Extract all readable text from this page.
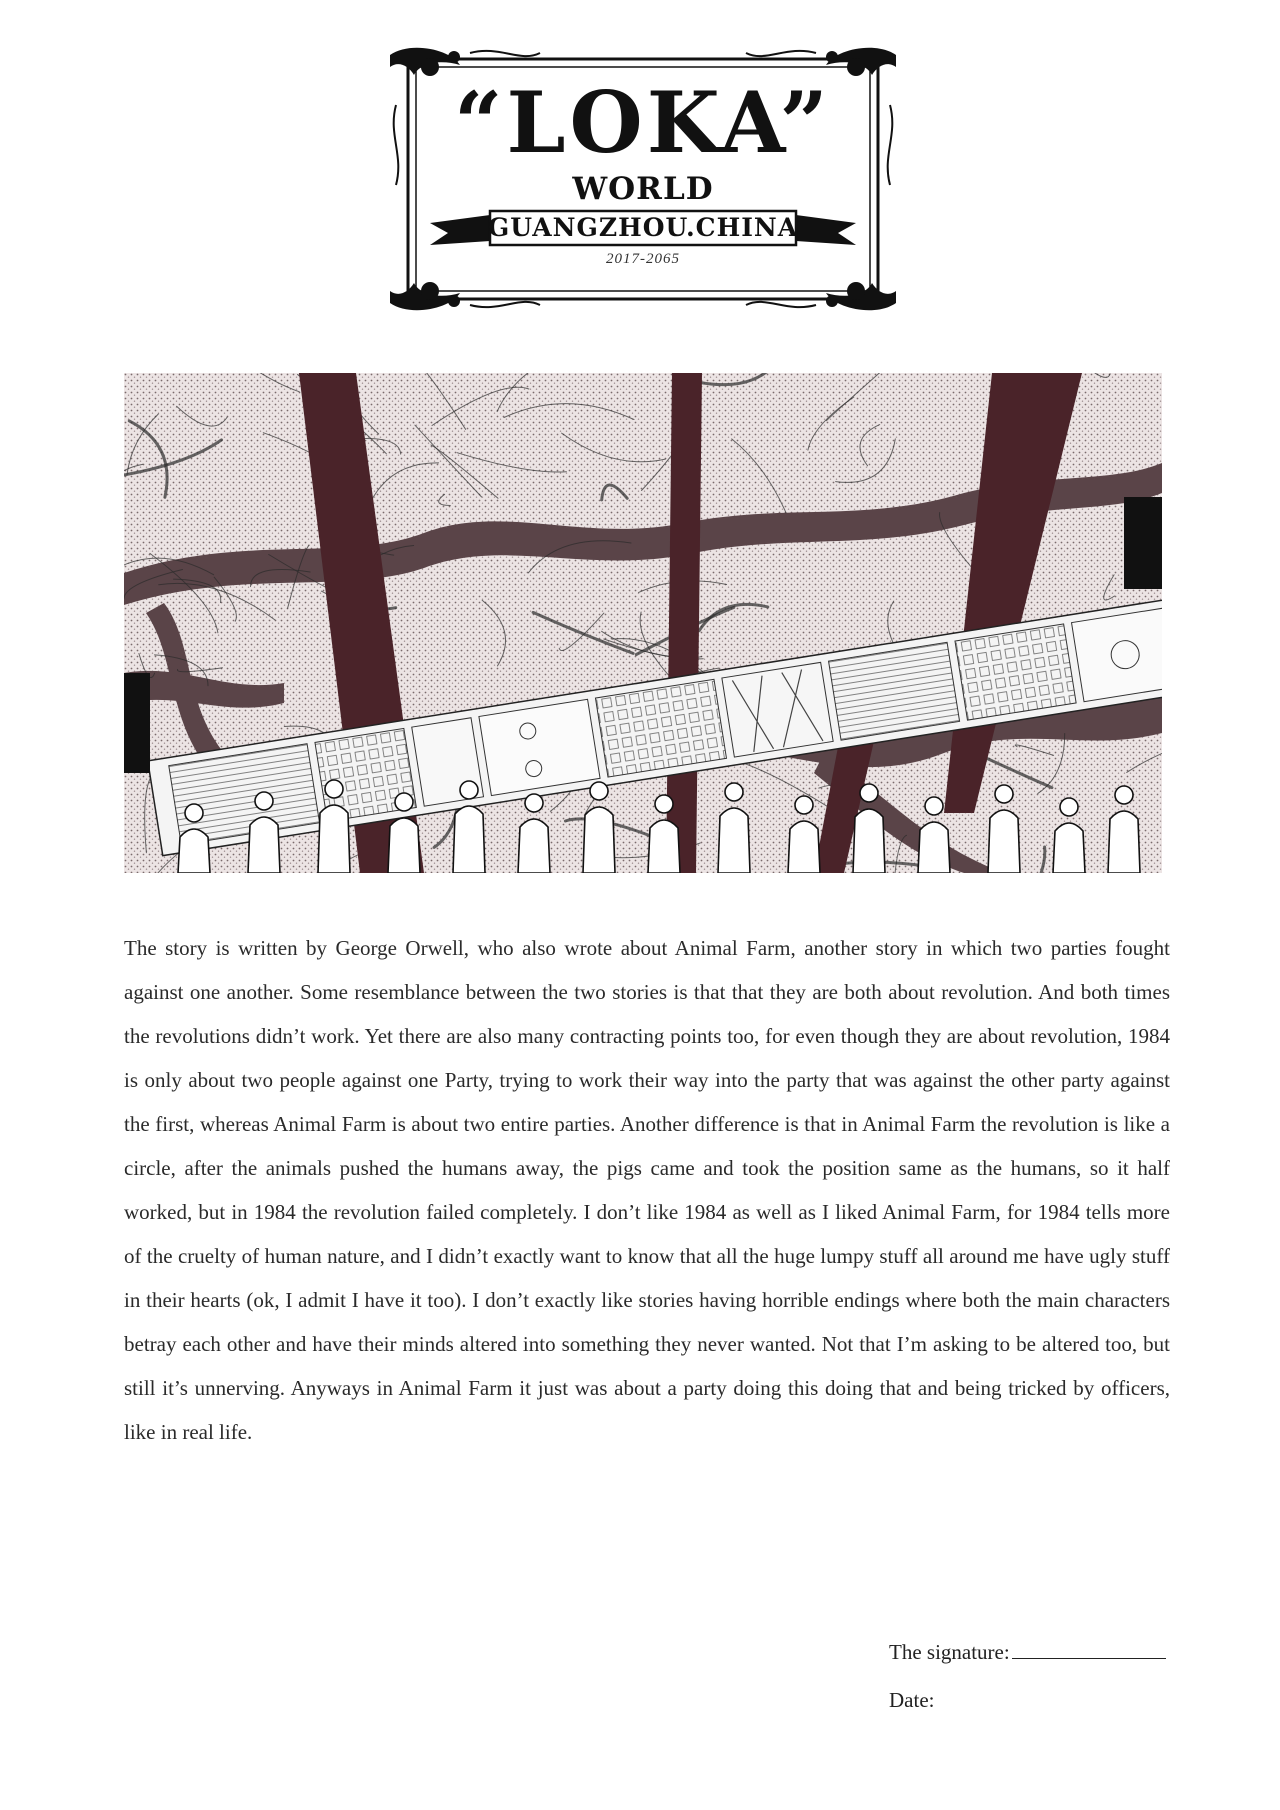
“LOKA”
WORLD
GUANGZHOU.CHINA
2017-2065

The story is written by George Orwell, who also wrote about Animal Farm, another story in which two parties fought against one another. Some resemblance between the two stories is that that they are both about revolution. And both times the revolutions didn’t work. Yet there are also many contracting points too, for even though they are about revolution, 1984 is only about two people against one Party, trying to work their way into the party that was against the other party against the first, whereas Animal Farm is about two entire parties. Another difference is that in Animal Farm the revolution is like a circle, after the animals pushed the humans away, the pigs came and took the position same as the humans, so it half worked, but in 1984 the revolution failed completely. I don’t like 1984 as well as I liked Animal Farm, for 1984 tells more of the cruelty of human nature, and I didn’t exactly want to know that all the huge lumpy stuff all around me have ugly stuff in their hearts (ok, I admit I have it too). I don’t exactly like stories having horrible endings where both the main characters betray each other and have their minds altered into something they never wanted. Not that I’m asking to be altered too, but still it’s unnerving. Anyways in Animal Farm it just was about a party doing this doing that and being tricked by officers, like in real life.

The signature:
Date:
